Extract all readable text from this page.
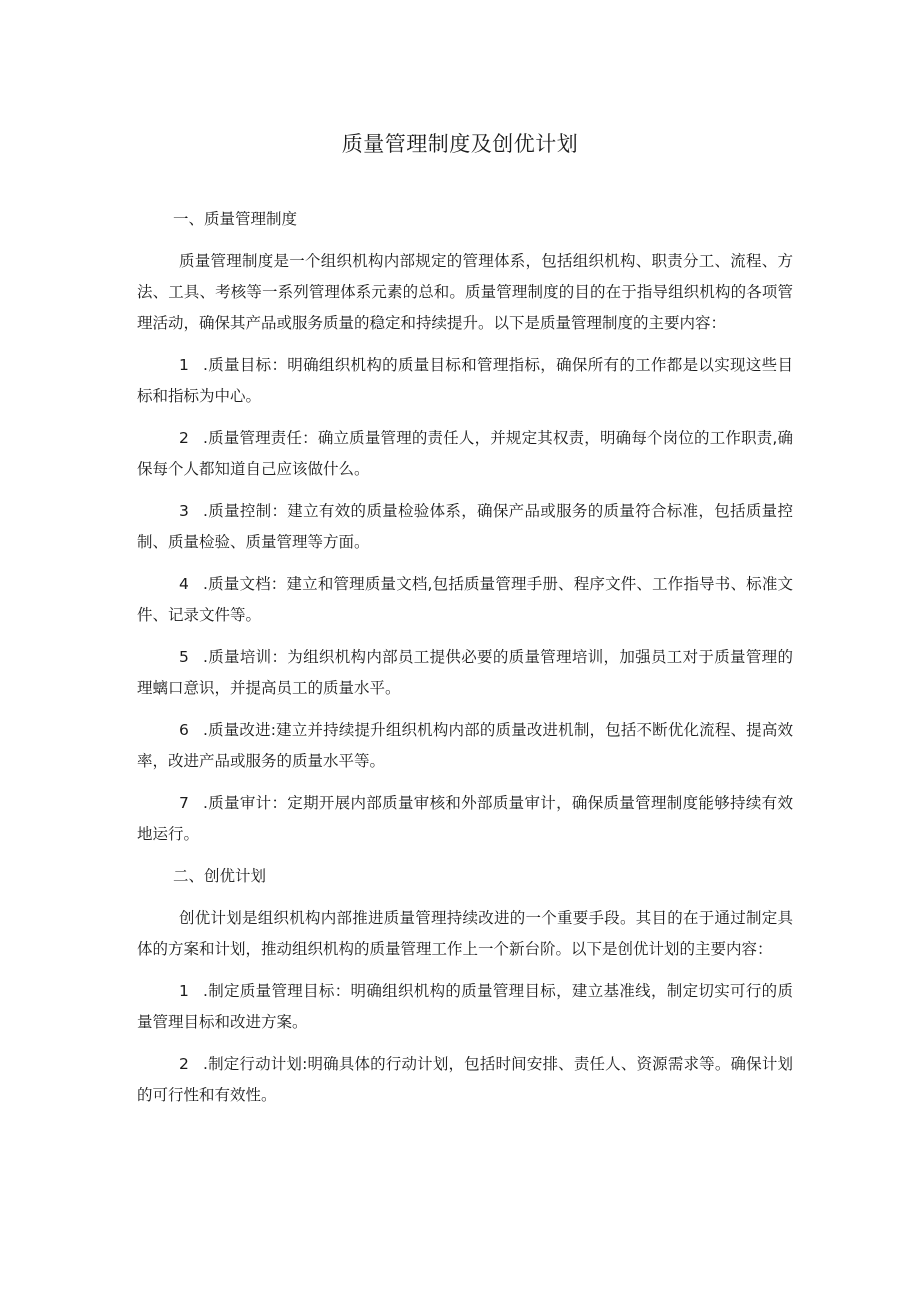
质量管理制度及创优计划
一、质量管理制度
质量管理制度是一个组织机构内部规定的管理体系，包括组织机构、职责分工、流程、方法、工具、考核等一系列管理体系元素的总和。质量管理制度的目的在于指导组织机构的各项管理活动，确保其产品或服务质量的稳定和持续提升。以下是质量管理制度的主要内容：
1 .质量目标：明确组织机构的质量目标和管理指标，确保所有的工作都是以实现这些目标和指标为中心。
2 .质量管理责任：确立质量管理的责任人，并规定其权责，明确每个岗位的工作职责,确保每个人都知道自己应该做什么。
3 .质量控制：建立有效的质量检验体系，确保产品或服务的质量符合标准，包括质量控制、质量检验、质量管理等方面。
4 .质量文档：建立和管理质量文档,包括质量管理手册、程序文件、工作指导书、标准文件、记录文件等。
5 .质量培训：为组织机构内部员工提供必要的质量管理培训，加强员工对于质量管理的理螭口意识，并提高员工的质量水平。
6 .质量改进:建立并持续提升组织机构内部的质量改进机制，包括不断优化流程、提高效率，改进产品或服务的质量水平等。
7 .质量审计：定期开展内部质量审核和外部质量审计，确保质量管理制度能够持续有效地运行。
二、创优计划
创优计划是组织机构内部推进质量管理持续改进的一个重要手段。其目的在于通过制定具体的方案和计划，推动组织机构的质量管理工作上一个新台阶。以下是创优计划的主要内容：
1 .制定质量管理目标：明确组织机构的质量管理目标，建立基准线，制定切实可行的质量管理目标和改进方案。
2 .制定行动计划:明确具体的行动计划，包括时间安排、责任人、资源需求等。确保计划的可行性和有效性。
